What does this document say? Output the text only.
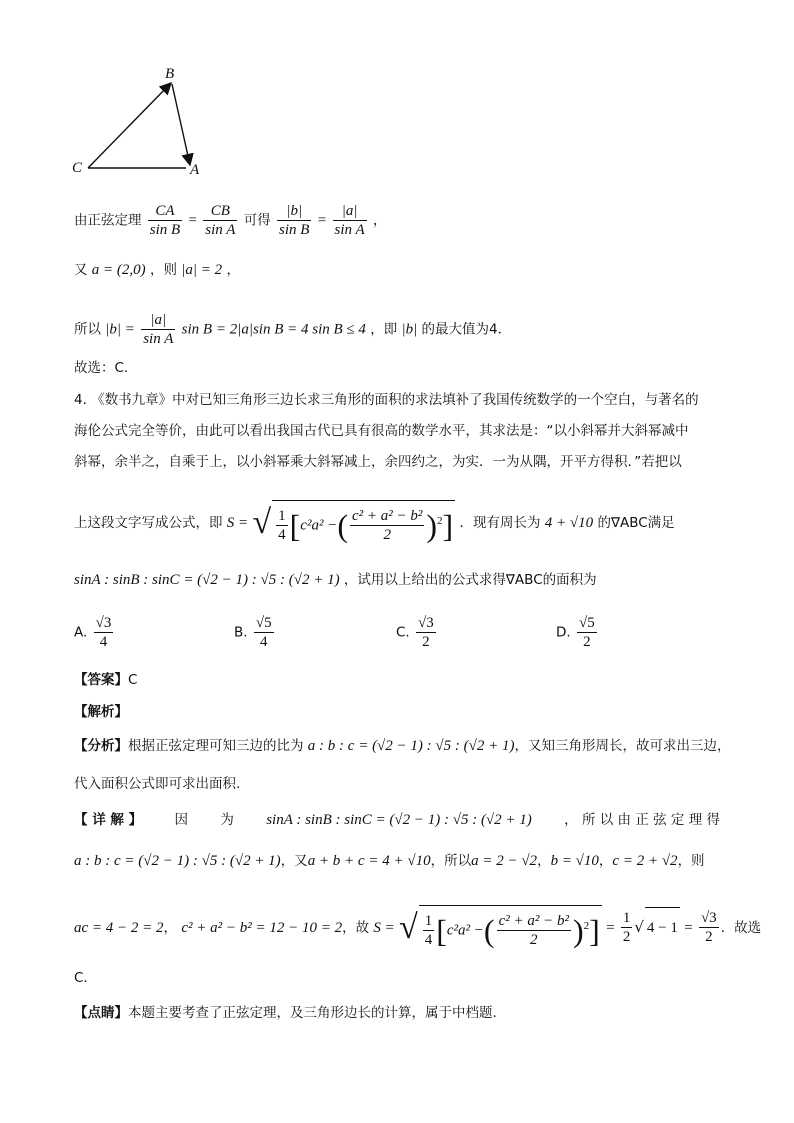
B
C	A
由正弦定理 $\frac{CA}{\text{sin B}} = \frac{CB}{\text{sin A}}$ 可得 $\frac{|b|}{\text{sin B}} = \frac{|a|}{\text{sin A}}$ ，
又 a = (2,0) ，则 |a| = 2 ，
所以 $|b| = \frac{|a|}{\text{sin A}}$ sin B = 2|a|sin B = 4 sin B ≤ 4 ，即 |b| 的最大值为4．
故选：C.
4. 《数书九章》中对已知三角形三边长求三角形的面积的求法填补了我国传统数学的一个空白，与著名的
海伦公式完全等价，由此可以看出我国古代已具有很高的数学水平，其求法是：“以小斜幂并大斜幂减中
斜幂，余半之，自乘于上，以小斜幂乘大斜幂减上，余四约之，为实．一为从隅，开平方得积．”若把以
上这段文字写成公式，即 S = √ $\frac{1}{4} [c^2a^2$ −( $\frac{\text{c² + a² − b²}}{2} )^2$] ．现有周长为 4 + √10 的∇ABC满足
sinA : sinB : sinC = (√2 − 1) : √5 : (√2 + 1) ，试用以上给出的公式求得∇ABC的面积为
A. $\frac{√3}{4}$	B. $\frac{√5}{4}$	C. $\frac{√3}{2}$	D. $\frac{√5}{2}$
【答案】C
【解析】
【分析】根据正弦定理可知三边的比为 a : b : c = (√2 − 1) : √5 : (√2 + 1)，又知三角形周长，故可求出三边，
代入面积公式即可求出面积.
【 详 解 】 因 为 sinA : sinB : sinC = (√2 − 1) : √5 : (√2 + 1) ， 所 以 由 正 弦 定 理 得
a : b : c = (√2 − 1) : √5 : (√2 + 1)，又a + b + c = 4 + √10，所以a = 2 − √2，b = √10，c = 2 + √2，则
ac = 4 − 2 = 2， c² + a² − b² = 12 − 10 = 2，故 S = √ $\frac{1}{4} [c^2a^2$ −( $\frac{\text{c² + a² − b²}}{2} )^2] = \frac{1}{2}$ √ $4 - 1 = \frac{√3}{2}$ ．故选
C．
【点睛】本题主要考查了正弦定理，及三角形边长的计算，属于中档题.
